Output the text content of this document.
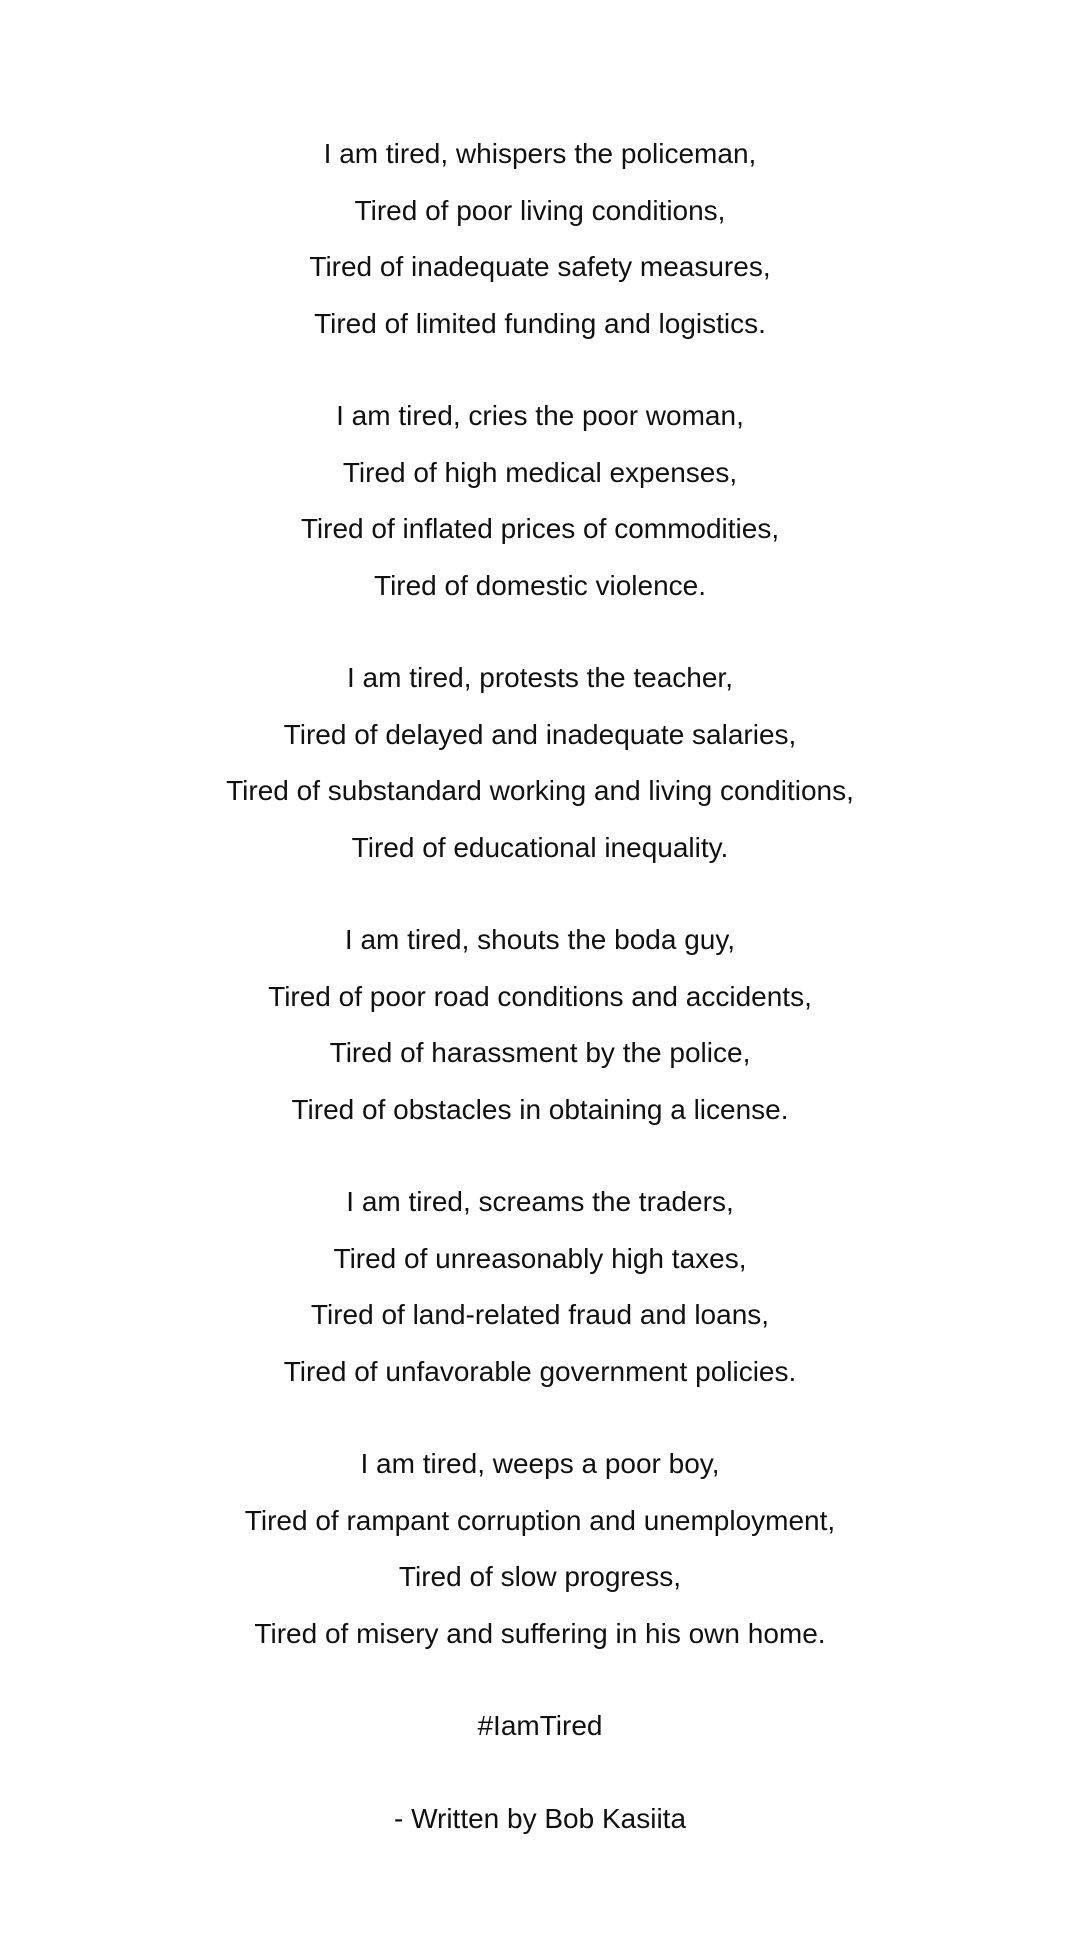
I am tired, whispers the policeman,
Tired of poor living conditions,
Tired of inadequate safety measures,
Tired of limited funding and logistics.
I am tired, cries the poor woman,
Tired of high medical expenses,
Tired of inflated prices of commodities,
Tired of domestic violence.
I am tired, protests the teacher,
Tired of delayed and inadequate salaries,
Tired of substandard working and living conditions,
Tired of educational inequality.
I am tired, shouts the boda guy,
Tired of poor road conditions and accidents,
Tired of harassment by the police,
Tired of obstacles in obtaining a license.
I am tired, screams the traders,
Tired of unreasonably high taxes,
Tired of land-related fraud and loans,
Tired of unfavorable government policies.
I am tired, weeps a poor boy,
Tired of rampant corruption and unemployment,
Tired of slow progress,
Tired of misery and suffering in his own home.
#IamTired
- Written by Bob Kasiita
